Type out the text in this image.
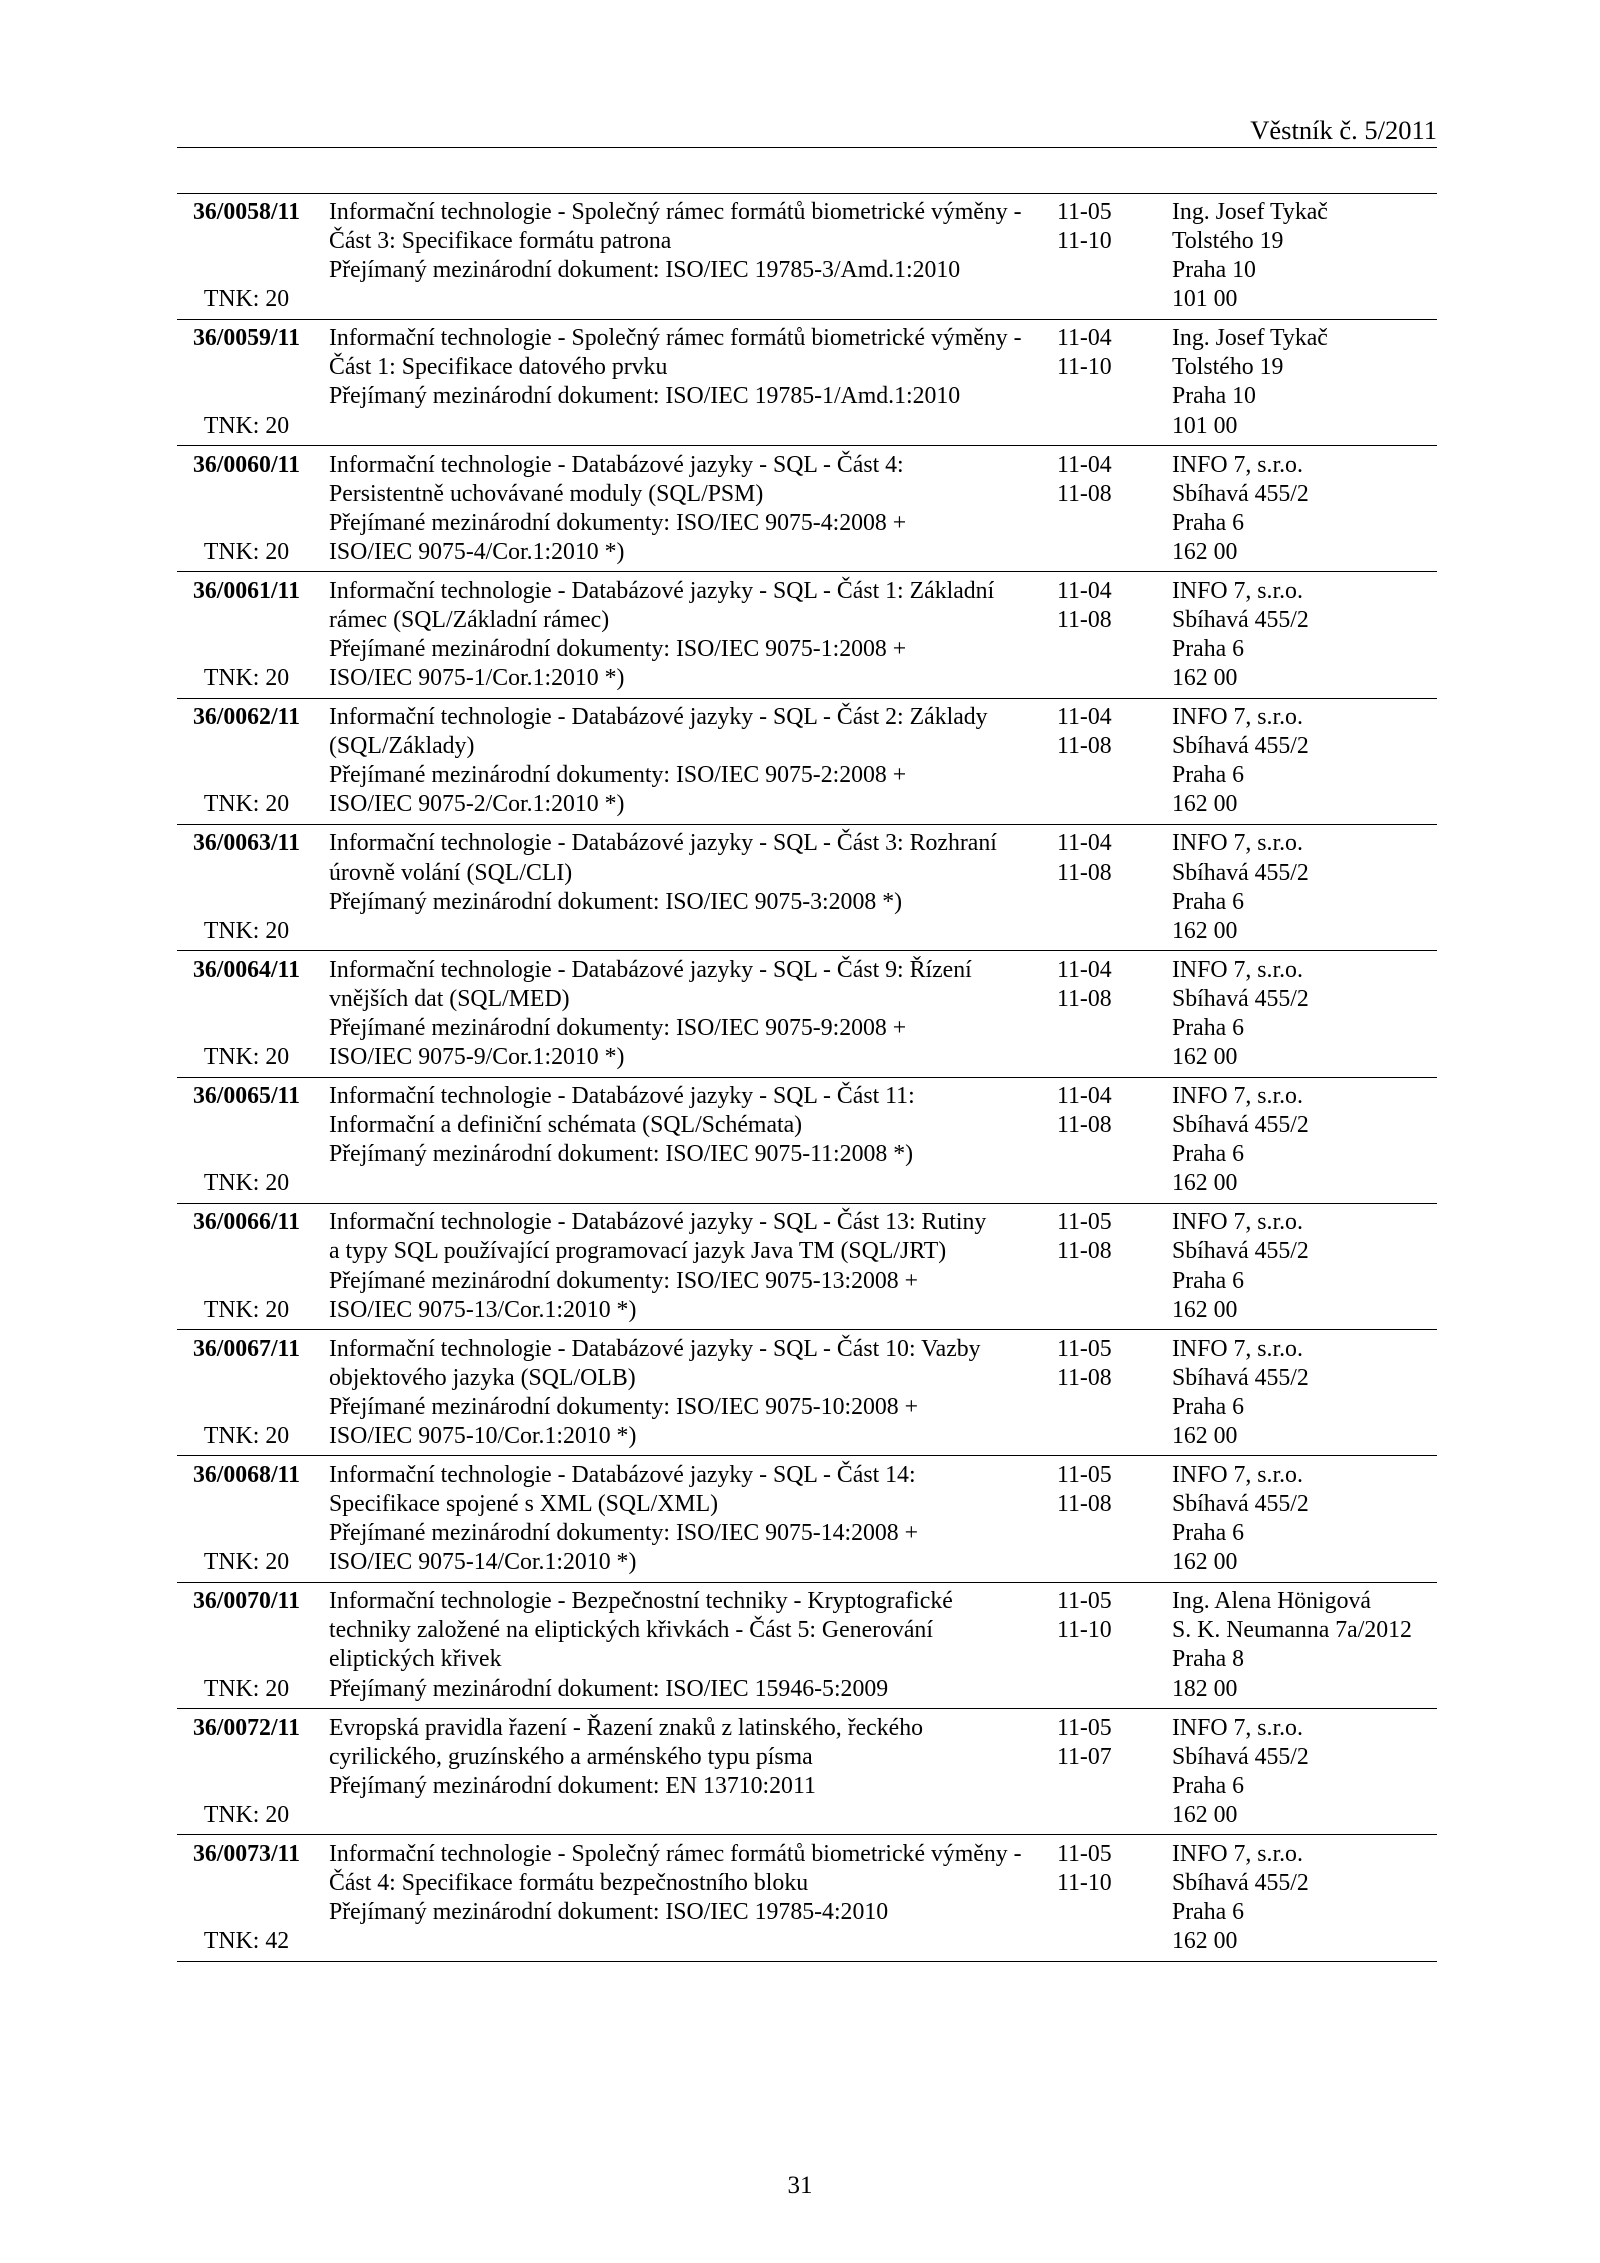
Věstník č. 5/2011
36/0058/11
TNK: 20
Informační technologie - Společný rámec formátů biometrické výměny -
Část 3: Specifikace formátu patrona
Přejímaný mezinárodní dokument: ISO/IEC 19785-3/Amd.1:2010
11-05
11-10
Ing. Josef Tykač
Tolstého 19
Praha 10
101 00
36/0059/11
TNK: 20
Informační technologie - Společný rámec formátů biometrické výměny -
Část 1: Specifikace datového prvku
Přejímaný mezinárodní dokument: ISO/IEC 19785-1/Amd.1:2010
11-04
11-10
Ing. Josef Tykač
Tolstého 19
Praha 10
101 00
36/0060/11
TNK: 20
Informační technologie - Databázové jazyky - SQL - Část 4:
Persistentně uchovávané moduly (SQL/PSM)
Přejímané mezinárodní dokumenty: ISO/IEC 9075-4:2008 +
ISO/IEC 9075-4/Cor.1:2010 *)
11-04
11-08
INFO 7, s.r.o.
Sbíhavá 455/2
Praha 6
162 00
36/0061/11
TNK: 20
Informační technologie - Databázové jazyky - SQL - Část 1: Základní
rámec (SQL/Základní rámec)
Přejímané mezinárodní dokumenty: ISO/IEC 9075-1:2008 +
ISO/IEC 9075-1/Cor.1:2010 *)
11-04
11-08
INFO 7, s.r.o.
Sbíhavá 455/2
Praha 6
162 00
36/0062/11
TNK: 20
Informační technologie - Databázové jazyky - SQL - Část 2: Základy
(SQL/Základy)
Přejímané mezinárodní dokumenty: ISO/IEC 9075-2:2008 +
ISO/IEC 9075-2/Cor.1:2010 *)
11-04
11-08
INFO 7, s.r.o.
Sbíhavá 455/2
Praha 6
162 00
36/0063/11
TNK: 20
Informační technologie - Databázové jazyky - SQL - Část 3: Rozhraní
úrovně volání (SQL/CLI)
Přejímaný mezinárodní dokument: ISO/IEC 9075-3:2008 *)
11-04
11-08
INFO 7, s.r.o.
Sbíhavá 455/2
Praha 6
162 00
36/0064/11
TNK: 20
Informační technologie - Databázové jazyky - SQL - Část 9: Řízení
vnějších dat (SQL/MED)
Přejímané mezinárodní dokumenty: ISO/IEC 9075-9:2008 +
ISO/IEC 9075-9/Cor.1:2010 *)
11-04
11-08
INFO 7, s.r.o.
Sbíhavá 455/2
Praha 6
162 00
36/0065/11
TNK: 20
Informační technologie - Databázové jazyky - SQL - Část 11:
Informační a definiční schémata (SQL/Schémata)
Přejímaný mezinárodní dokument: ISO/IEC 9075-11:2008 *)
11-04
11-08
INFO 7, s.r.o.
Sbíhavá 455/2
Praha 6
162 00
36/0066/11
TNK: 20
Informační technologie - Databázové jazyky - SQL - Část 13: Rutiny
a typy SQL používající programovací jazyk Java TM (SQL/JRT)
Přejímané mezinárodní dokumenty: ISO/IEC 9075-13:2008 +
ISO/IEC 9075-13/Cor.1:2010 *)
11-05
11-08
INFO 7, s.r.o.
Sbíhavá 455/2
Praha 6
162 00
36/0067/11
TNK: 20
Informační technologie - Databázové jazyky - SQL - Část 10: Vazby
objektového jazyka (SQL/OLB)
Přejímané mezinárodní dokumenty: ISO/IEC 9075-10:2008 +
ISO/IEC 9075-10/Cor.1:2010 *)
11-05
11-08
INFO 7, s.r.o.
Sbíhavá 455/2
Praha 6
162 00
36/0068/11
TNK: 20
Informační technologie - Databázové jazyky - SQL - Část 14:
Specifikace spojené s XML (SQL/XML)
Přejímané mezinárodní dokumenty: ISO/IEC 9075-14:2008 +
ISO/IEC 9075-14/Cor.1:2010 *)
11-05
11-08
INFO 7, s.r.o.
Sbíhavá 455/2
Praha 6
162 00
36/0070/11
TNK: 20
Informační technologie - Bezpečnostní techniky - Kryptografické
techniky založené na eliptických křivkách - Část 5: Generování
eliptických křivek
Přejímaný mezinárodní dokument: ISO/IEC 15946-5:2009
11-05
11-10
Ing. Alena Hönigová
S. K. Neumanna 7a/2012
Praha 8
182 00
36/0072/11
TNK: 20
Evropská pravidla řazení - Řazení znaků z latinského, řeckého
cyrilického, gruzínského a arménského typu písma
Přejímaný mezinárodní dokument: EN 13710:2011
11-05
11-07
INFO 7, s.r.o.
Sbíhavá 455/2
Praha 6
162 00
36/0073/11
TNK: 42
Informační technologie - Společný rámec formátů biometrické výměny -
Část 4: Specifikace formátu bezpečnostního bloku
Přejímaný mezinárodní dokument: ISO/IEC 19785-4:2010
11-05
11-10
INFO 7, s.r.o.
Sbíhavá 455/2
Praha 6
162 00
31
